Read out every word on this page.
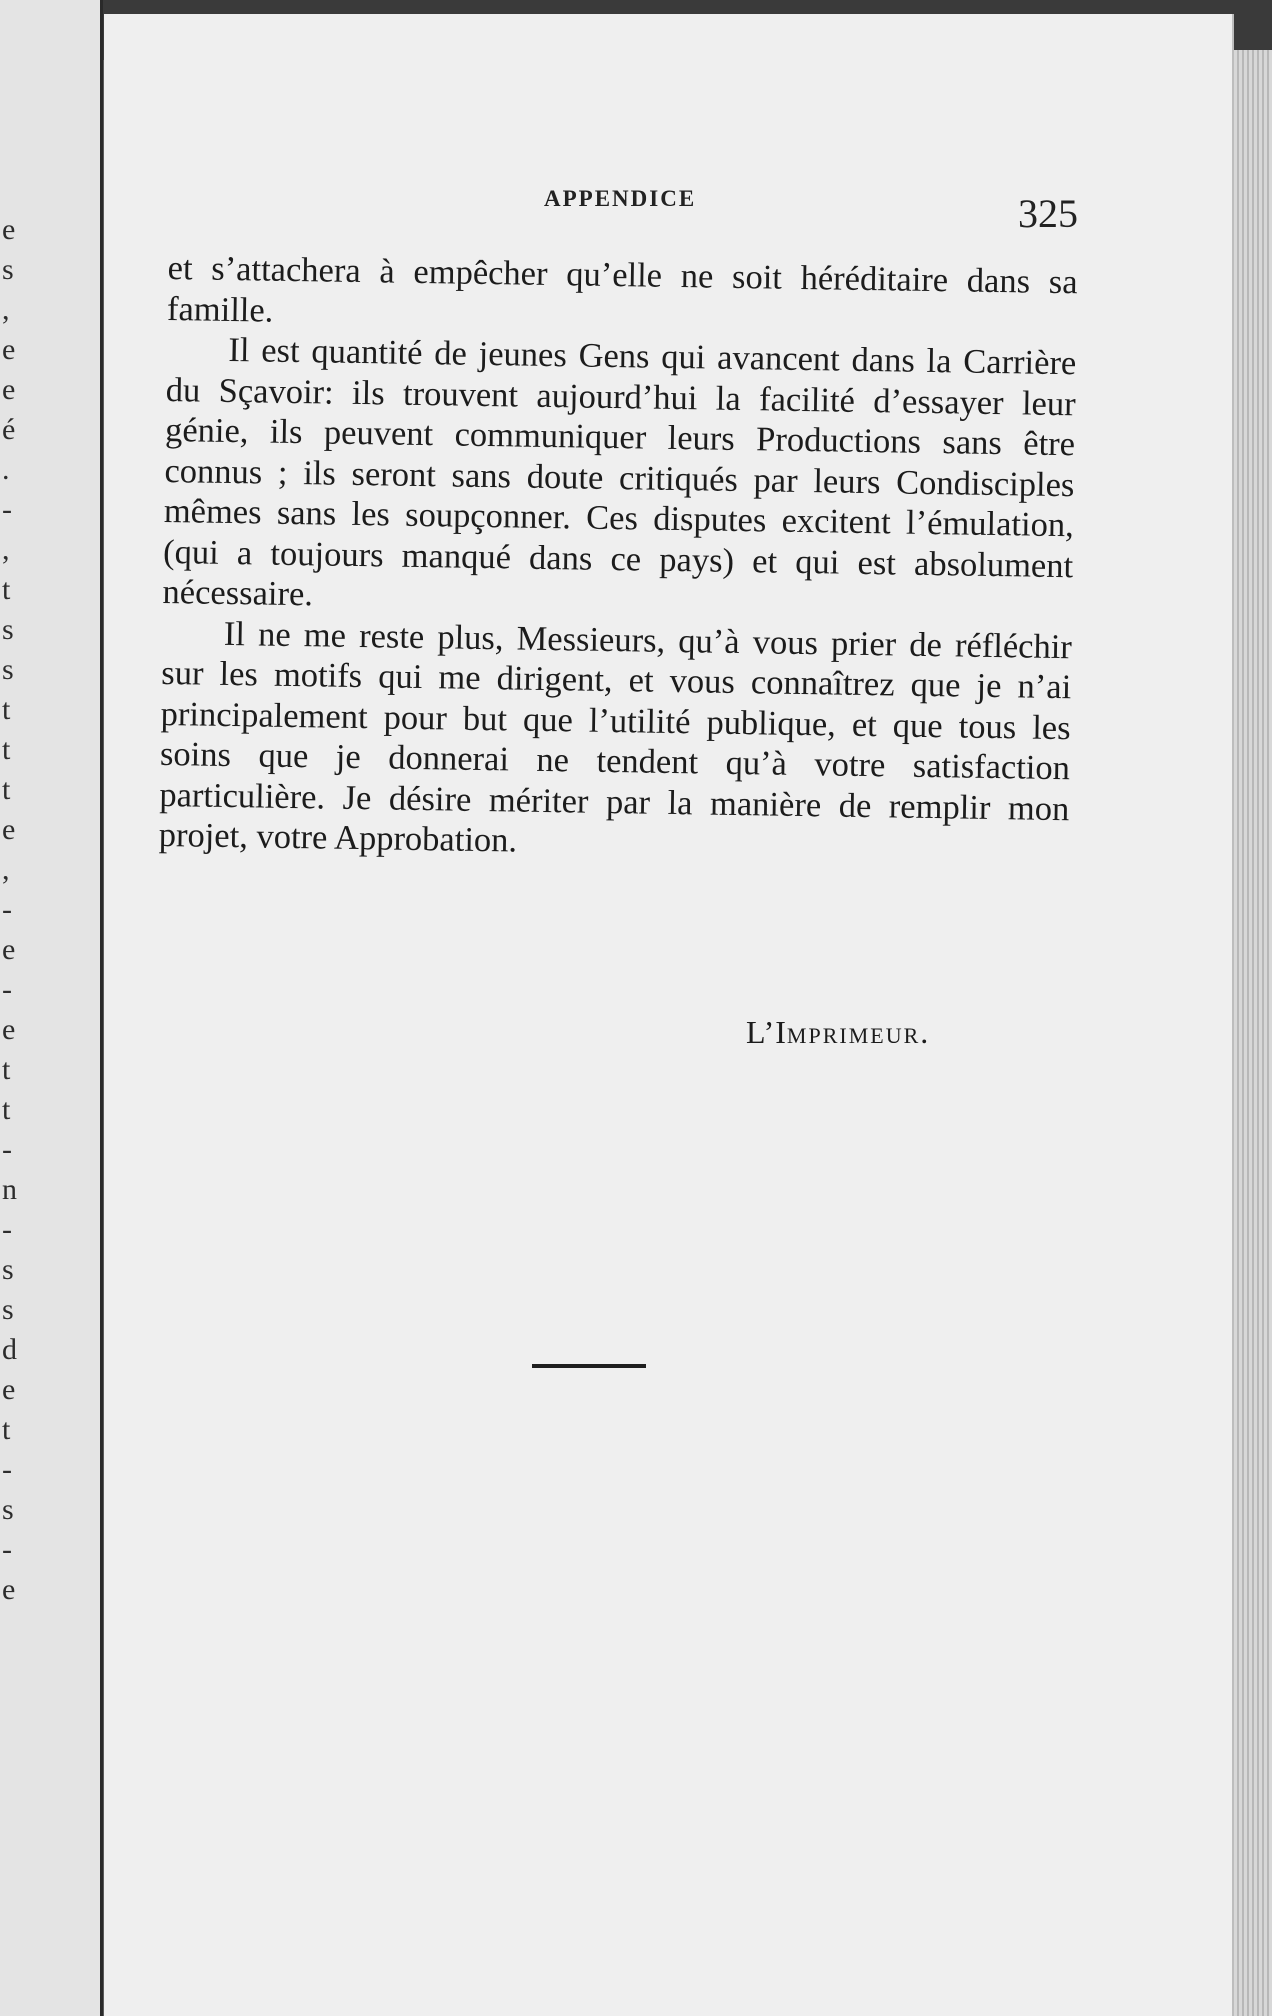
e
s
,
e
e
é
.
-
,
t
s
s
t
t
t
e
,
-
e
-
e
t
t
-
n
-
s
s
d
e
t
-
s
-
e
APPENDICE	325

et s’attachera à empêcher qu’elle ne soit héréditaire dans sa famille.

Il est quantité de jeunes Gens qui avancent dans la Carrière du Sçavoir: ils trouvent aujourd’hui la facilité d’essayer leur génie, ils peuvent communiquer leurs Productions sans être connus ; ils seront sans doute critiqués par leurs Condisciples mêmes sans les soupçonner. Ces disputes excitent l’émulation, (qui a toujours manqué dans ce pays) et qui est absolument nécessaire.

Il ne me reste plus, Messieurs, qu’à vous prier de réfléchir sur les motifs qui me dirigent, et vous connaîtrez que je n’ai principalement pour but que l’utilité publique, et que tous les soins que je donnerai ne tendent qu’à votre satisfaction particulière. Je désire mériter par la manière de remplir mon projet, votre Approbation.

L’IMPRIMEUR.
